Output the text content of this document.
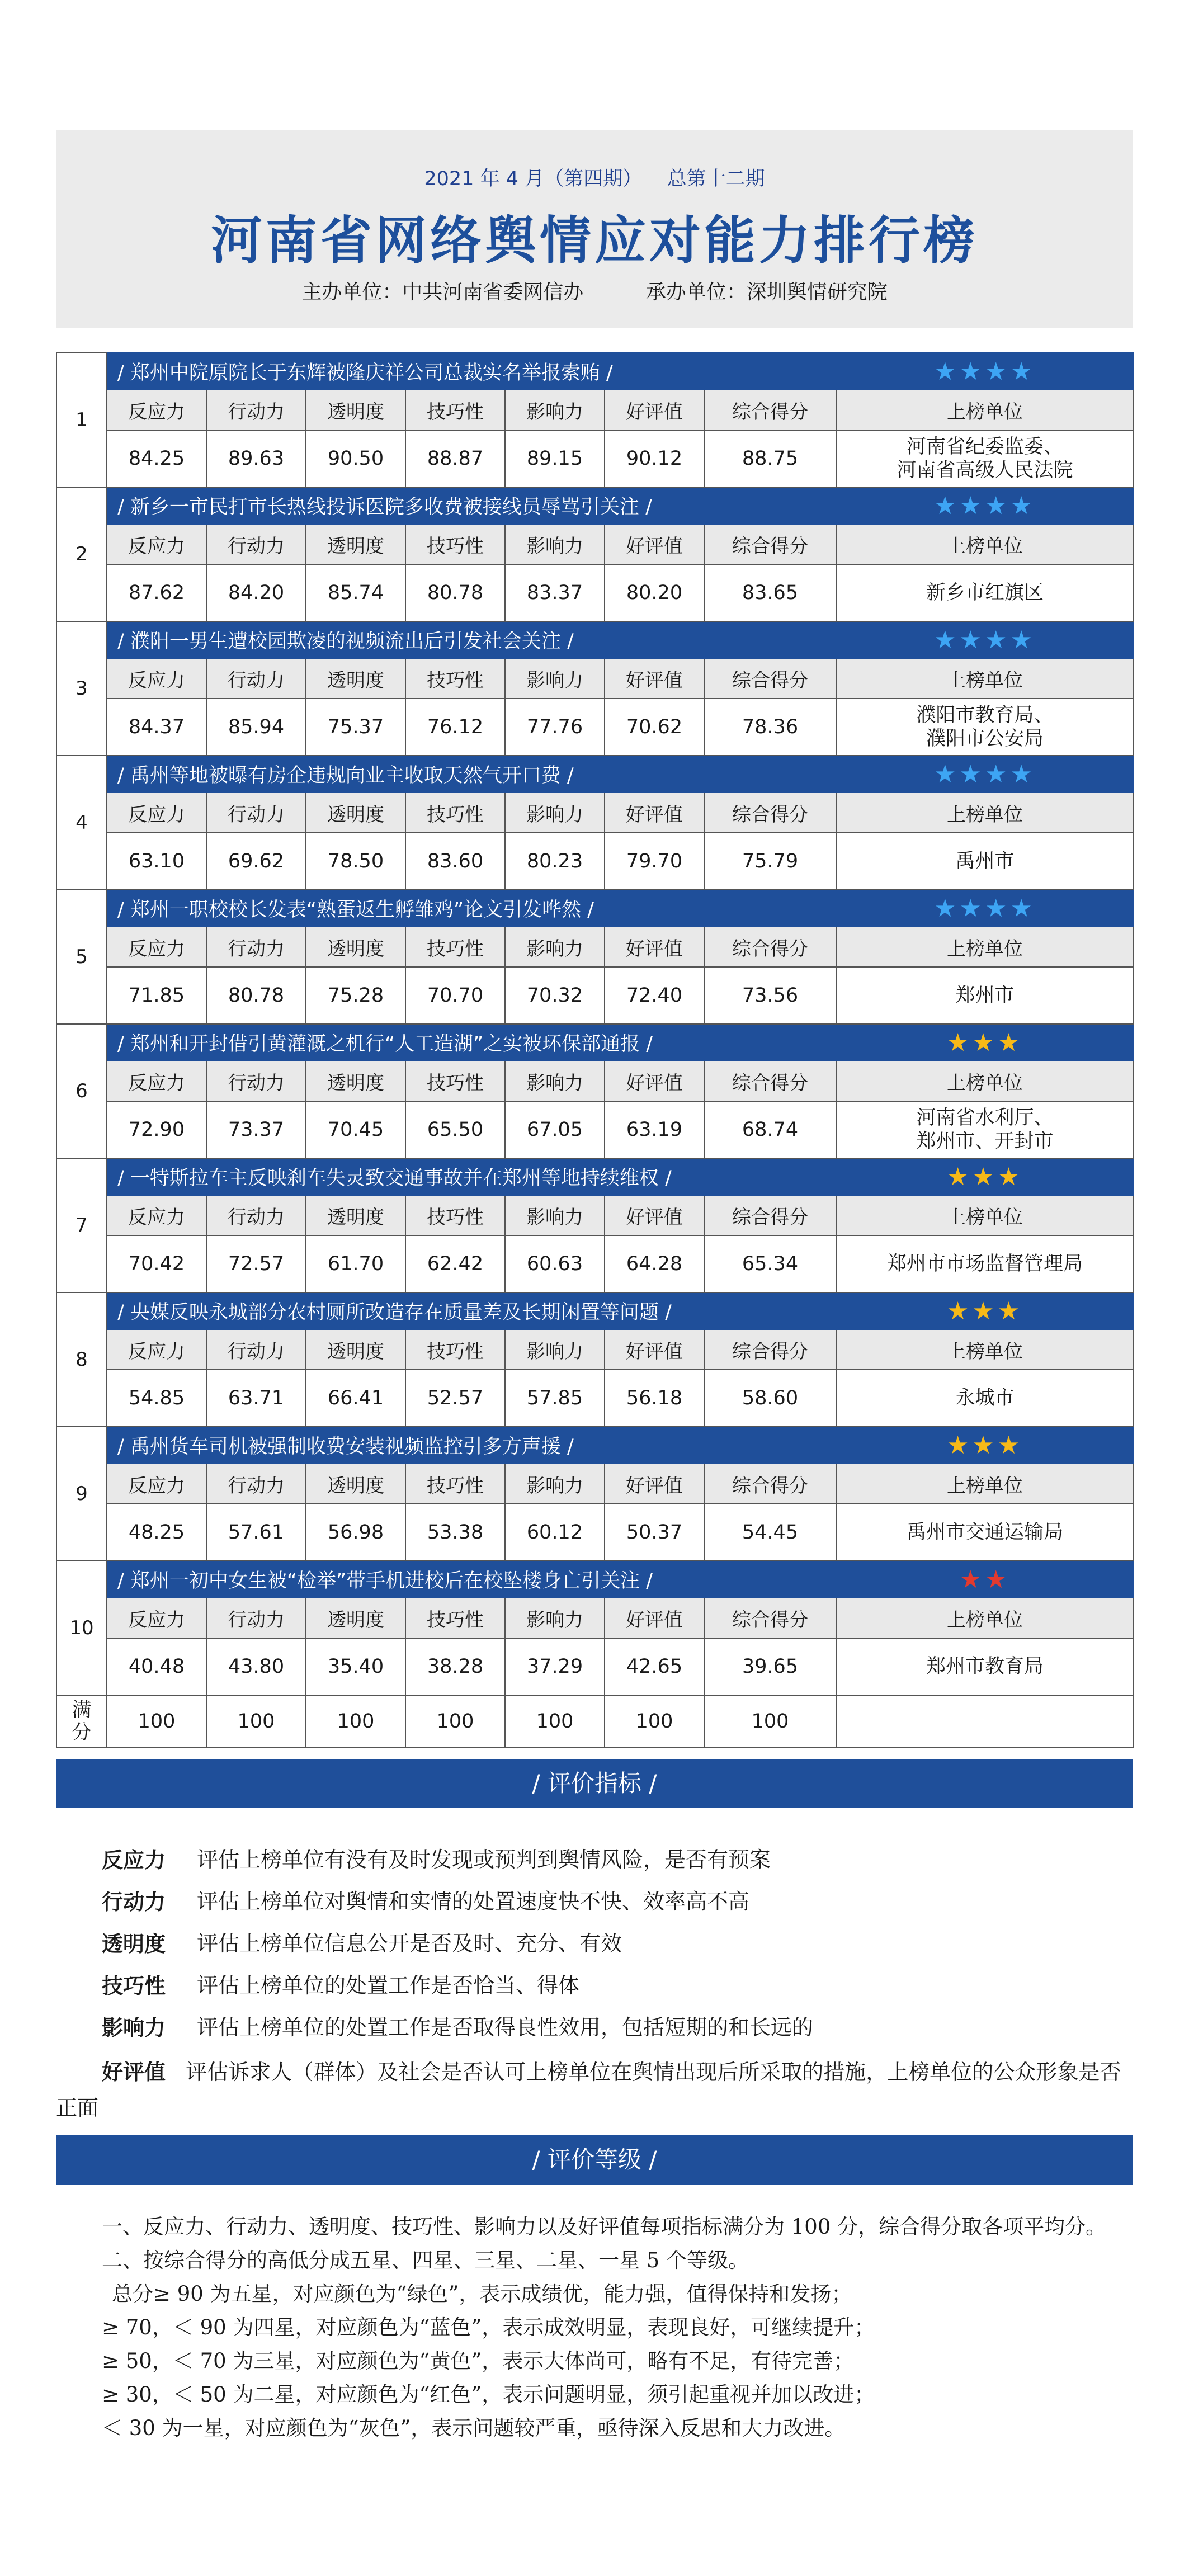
2021 年 4 月（第四期）    总第十二期
河南省网络舆情应对能力排行榜
主办单位：中共河南省委网信办	承办单位：深圳舆情研究院
1	/ 郑州中院原院长于东辉被隆庆祥公司总裁实名举报索贿 /							★★★★
	反应力	行动力	透明度	技巧性	影响力	好评值	综合得分	上榜单位
	84.25	89.63	90.50	88.87	89.15	90.12	88.75	河南省纪委监委、
河南省高级人民法院

2	/ 新乡一市民打市长热线投诉医院多收费被接线员辱骂引关注 /							★★★★
	反应力	行动力	透明度	技巧性	影响力	好评值	综合得分	上榜单位
	87.62	84.20	85.74	80.78	83.37	80.20	83.65	新乡市红旗区

3	/ 濮阳一男生遭校园欺凌的视频流出后引发社会关注 /							★★★★
	反应力	行动力	透明度	技巧性	影响力	好评值	综合得分	上榜单位
	84.37	85.94	75.37	76.12	77.76	70.62	78.36	濮阳市教育局、
濮阳市公安局

4	/ 禹州等地被曝有房企违规向业主收取天然气开口费 /							★★★★
	反应力	行动力	透明度	技巧性	影响力	好评值	综合得分	上榜单位
	63.10	69.62	78.50	83.60	80.23	79.70	75.79	禹州市

5	/ 郑州一职校校长发表“熟蛋返生孵雏鸡”论文引发哗然 /							★★★★
	反应力	行动力	透明度	技巧性	影响力	好评值	综合得分	上榜单位
	71.85	80.78	75.28	70.70	70.32	72.40	73.56	郑州市

6	/ 郑州和开封借引黄灌溉之机行“人工造湖”之实被环保部通报 /							★★★
	反应力	行动力	透明度	技巧性	影响力	好评值	综合得分	上榜单位
	72.90	73.37	70.45	65.50	67.05	63.19	68.74	河南省水利厅、
郑州市、开封市

7	/ 一特斯拉车主反映刹车失灵致交通事故并在郑州等地持续维权 /							★★★
	反应力	行动力	透明度	技巧性	影响力	好评值	综合得分	上榜单位
	70.42	72.57	61.70	62.42	60.63	64.28	65.34	郑州市市场监督管理局

8	/ 央媒反映永城部分农村厕所改造存在质量差及长期闲置等问题 /							★★★
	反应力	行动力	透明度	技巧性	影响力	好评值	综合得分	上榜单位
	54.85	63.71	66.41	52.57	57.85	56.18	58.60	永城市

9	/ 禹州货车司机被强制收费安装视频监控引多方声援 /							★★★
	反应力	行动力	透明度	技巧性	影响力	好评值	综合得分	上榜单位
	48.25	57.61	56.98	53.38	60.12	50.37	54.45	禹州市交通运输局

10	/ 郑州一初中女生被“检举”带手机进校后在校坠楼身亡引关注 /							★★
	反应力	行动力	透明度	技巧性	影响力	好评值	综合得分	上榜单位
	40.48	43.80	35.40	38.28	37.29	42.65	39.65	郑州市教育局

满分	100	100	100	100	100	100	100	
/ 评价指标 /
反应力 评估上榜单位有没有及时发现或预判到舆情风险，是否有预案
行动力 评估上榜单位对舆情和实情的处置速度快不快、效率高不高
透明度 评估上榜单位信息公开是否及时、充分、有效
技巧性 评估上榜单位的处置工作是否恰当、得体
影响力 评估上榜单位的处置工作是否取得良性效用，包括短期的和长远的
好评值 评估诉求人（群体）及社会是否认可上榜单位在舆情出现后所采取的措施，上榜单位的公众形象是否正面
/ 评价等级 /

一、反应力、行动力、透明度、技巧性、影响力以及好评值每项指标满分为 100 分，综合得分取各项平均分。

二、按综合得分的高低分成五星、四星、三星、二星、一星 5 个等级。

总分≥ 90 为五星，对应颜色为“绿色”，表示成绩优，能力强，值得保持和发扬；

≥ 70，＜ 90 为四星，对应颜色为“蓝色”，表示成效明显，表现良好，可继续提升；

≥ 50，＜ 70 为三星，对应颜色为“黄色”，表示大体尚可，略有不足，有待完善；

≥ 30，＜ 50 为二星，对应颜色为“红色”，表示问题明显，须引起重视并加以改进；

＜ 30 为一星，对应颜色为“灰色”，表示问题较严重，亟待深入反思和大力改进。
